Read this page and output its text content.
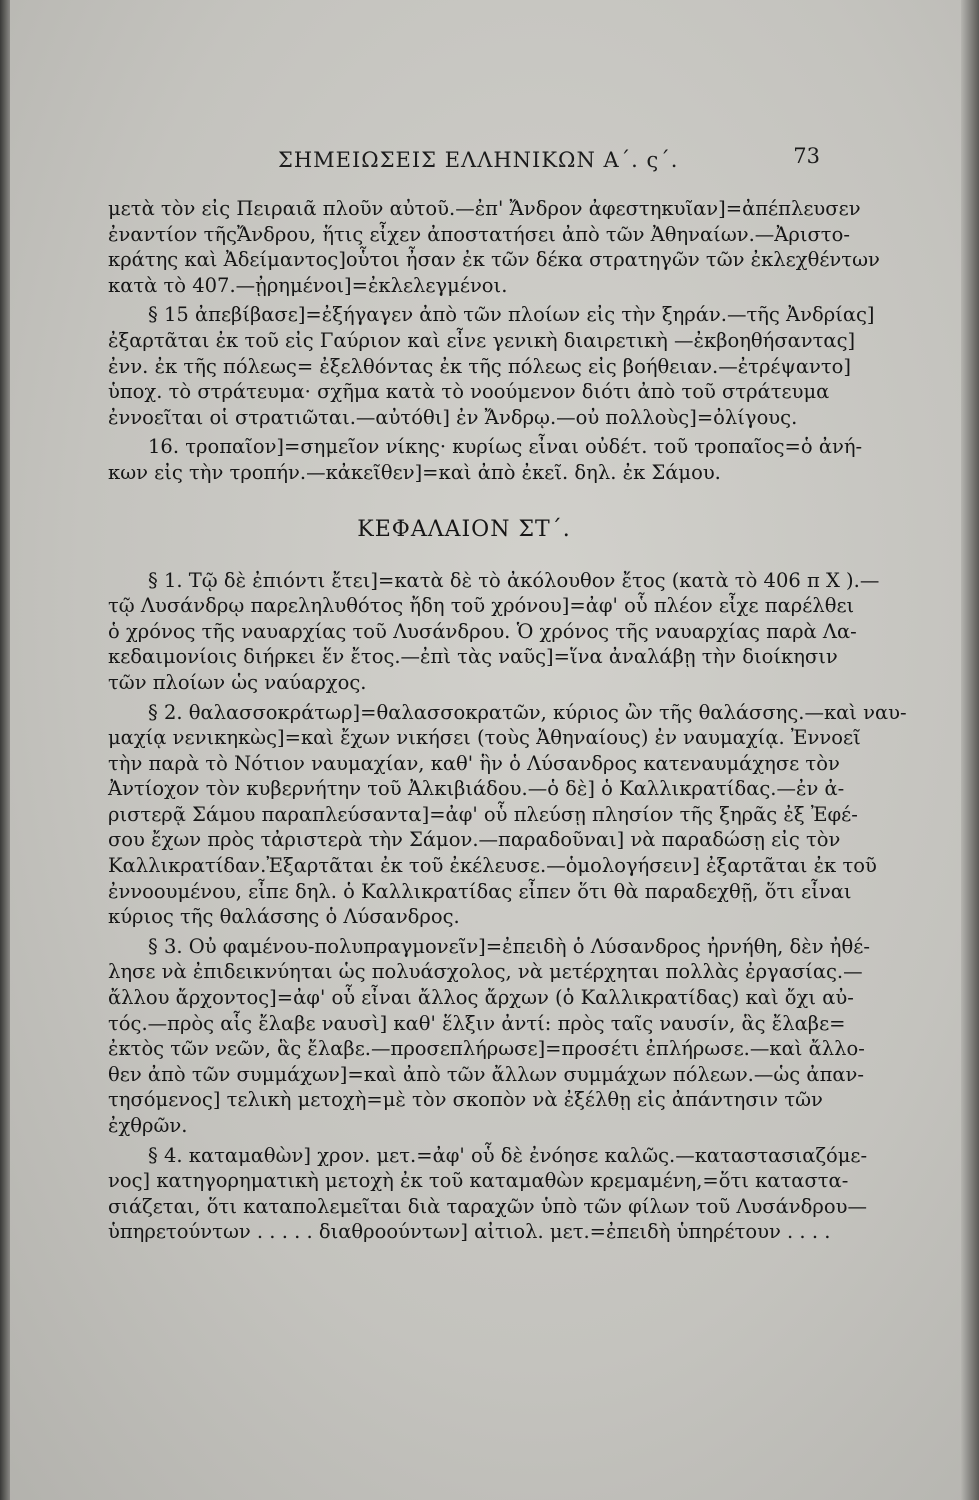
ΣΗΜΕΙΩΣΕΙΣ ΕΛΛΗΝΙΚΩΝ Α΄. ς΄.	73
μετὰ τὸν εἰς Πειραιᾶ πλοῦν αὐτοῦ.—ἐπ' Ἄνδρον ἀφεστηκυῖαν]=ἀπέπλευσεν
ἐναντίον τῆςἌνδρου, ἥτις εἶχεν ἀποστατήσει ἀπὸ τῶν Ἀθηναίων.—Ἀριστο-
κράτης καὶ Ἀδείμαντος]οὗτοι ἦσαν ἐκ τῶν δέκα στρατηγῶν τῶν ἐκλεχθέντων
κατὰ τὸ 407.—ᾐρημένοι]=ἐκλελεγμένοι.
§ 15 ἀπεβίβασε]=ἐξήγαγεν ἀπὸ τῶν πλοίων εἰς τὴν ξηράν.—τῆς Ἀνδρίας]
ἐξαρτᾶται ἐκ τοῦ εἰς Γαύριον καὶ εἶνε γενικὴ διαιρετικὴ —ἐκβοηθήσαντας]
ἐνν. ἐκ τῆς πόλεως= ἐξελθόντας ἐκ τῆς πόλεως εἰς βοήθειαν.—ἐτρέψαντο]
ὑποχ. τὸ στράτευμα· σχῆμα κατὰ τὸ νοούμενον διότι ἀπὸ τοῦ στράτευμα
ἐννοεῖται οἱ στρατιῶται.—αὐτόθι] ἐν Ἄνδρῳ.—οὐ πολλοὺς]=ὀλίγους.
16. τροπαῖον]=σημεῖον νίκης· κυρίως εἶναι οὐδέτ. τοῦ τροπαῖος=ὁ ἀνή-
κων εἰς τὴν τροπήν.—κἀκεῖθεν]=καὶ ἀπὸ ἐκεῖ. δηλ. ἐκ Σάμου.
ΚΕΦΑΛΑΙΟΝ ΣΤ΄.
§ 1. Τῷ δὲ ἐπιόντι ἔτει]=κατὰ δὲ τὸ ἀκόλουθον ἔτος (κατὰ τὸ 406 π Χ ).—
τῷ Λυσάνδρῳ παρεληλυθότος ἤδη τοῦ χρόνου]=ἀφ' οὗ πλέον εἶχε παρέλθει
ὁ χρόνος τῆς ναυαρχίας τοῦ Λυσάνδρου. Ὁ χρόνος τῆς ναυαρχίας παρὰ Λα-
κεδαιμονίοις διήρκει ἕν ἔτος.—ἐπὶ τὰς ναῦς]=ἵνα ἀναλάβῃ τὴν διοίκησιν
τῶν πλοίων ὡς ναύαρχος.
§ 2. θαλασσοκράτωρ]=θαλασσοκρατῶν, κύριος ὢν τῆς θαλάσσης.—καὶ ναυ-
μαχίᾳ νενικηκὼς]=καὶ ἔχων νικήσει (τοὺς Ἀθηναίους) ἐν ναυμαχίᾳ. Ἐννοεῖ
τὴν παρὰ τὸ Νότιον ναυμαχίαν, καθ' ἣν ὁ Λύσανδρος κατεναυμάχησε τὸν
Ἀντίοχον τὸν κυβερνήτην τοῦ Ἀλκιβιάδου.—ὁ δὲ] ὁ Καλλικρατίδας.—ἐν ἀ-
ριστερᾷ Σάμου παραπλεύσαντα]=ἀφ' οὗ πλεύσῃ πλησίον τῆς ξηρᾶς ἐξ Ἐφέ-
σου ἔχων πρὸς τἀριστερὰ τὴν Σάμον.—παραδοῦναι] νὰ παραδώσῃ εἰς τὸν
Καλλικρατίδαν.Ἐξαρτᾶται ἐκ τοῦ ἐκέλευσε.—ὁμολογήσειν] ἐξαρτᾶται ἐκ τοῦ
ἐννοουμένου, εἶπε δηλ. ὁ Καλλικρατίδας εἶπεν ὅτι θὰ παραδεχθῇ, ὅτι εἶναι
κύριος τῆς θαλάσσης ὁ Λύσανδρος.
§ 3. Οὐ φαμένου-πολυπραγμονεῖν]=ἐπειδὴ ὁ Λύσανδρος ἠρνήθη, δὲν ἠθέ-
λησε νὰ ἐπιδεικνύηται ὡς πολυάσχολος, νὰ μετέρχηται πολλὰς ἐργασίας.—
ἄλλου ἄρχοντος]=ἀφ' οὗ εἶναι ἄλλος ἄρχων (ὁ Καλλικρατίδας) καὶ ὄχι αὐ-
τός.—πρὸς αἷς ἔλαβε ναυσὶ] καθ' ἕλξιν ἀντί: πρὸς ταῖς ναυσίν, ἃς ἔλαβε=
ἐκτὸς τῶν νεῶν, ἃς ἔλαβε.—προσεπλήρωσε]=προσέτι ἐπλήρωσε.—καὶ ἄλλο-
θεν ἀπὸ τῶν συμμάχων]=καὶ ἀπὸ τῶν ἄλλων συμμάχων πόλεων.—ὡς ἀπαν-
τησόμενος] τελικὴ μετοχὴ=μὲ τὸν σκοπὸν νὰ ἐξέλθῃ εἰς ἀπάντησιν τῶν
ἐχθρῶν.
§ 4. καταμαθὼν] χρον. μετ.=ἀφ' οὗ δὲ ἐνόησε καλῶς.—καταστασιαζόμε-
νος] κατηγορηματικὴ μετοχὴ ἐκ τοῦ καταμαθὼν κρεμαμένη,=ὅτι καταστα-
σιάζεται, ὅτι καταπολεμεῖται διὰ ταραχῶν ὑπὸ τῶν φίλων τοῦ Λυσάνδρου—
ὑπηρετούντων . . . . . διαθροούντων] αἰτιολ. μετ.=ἐπειδὴ ὑπηρέτουν . . . .
